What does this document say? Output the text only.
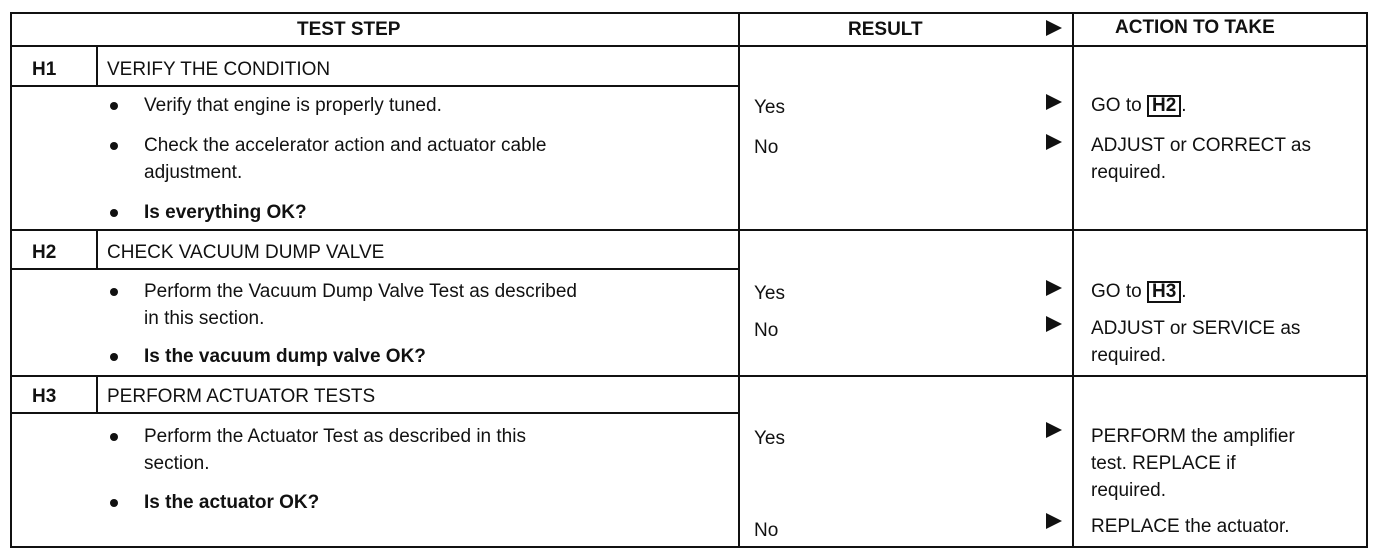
TEST STEP	RESULT	ACTION TO TAKE
H1	VERIFY THE CONDITION
Verify that engine is properly tuned.
Check the accelerator action and actuator cable
adjustment.
Is everything OK?
Yes	GO to H2 .
No	ADJUST or CORRECT as
required.
H2	CHECK VACUUM DUMP VALVE
Perform the Vacuum Dump Valve Test as described
in this section.
Is the vacuum dump valve OK?
Yes	GO to H3 .
No	ADJUST or SERVICE as
required.
H3	PERFORM ACTUATOR TESTS
Perform the Actuator Test as described in this
section.
Is the actuator OK?
Yes	PERFORM the amplifier
test. REPLACE if
required.
No	REPLACE the actuator.
